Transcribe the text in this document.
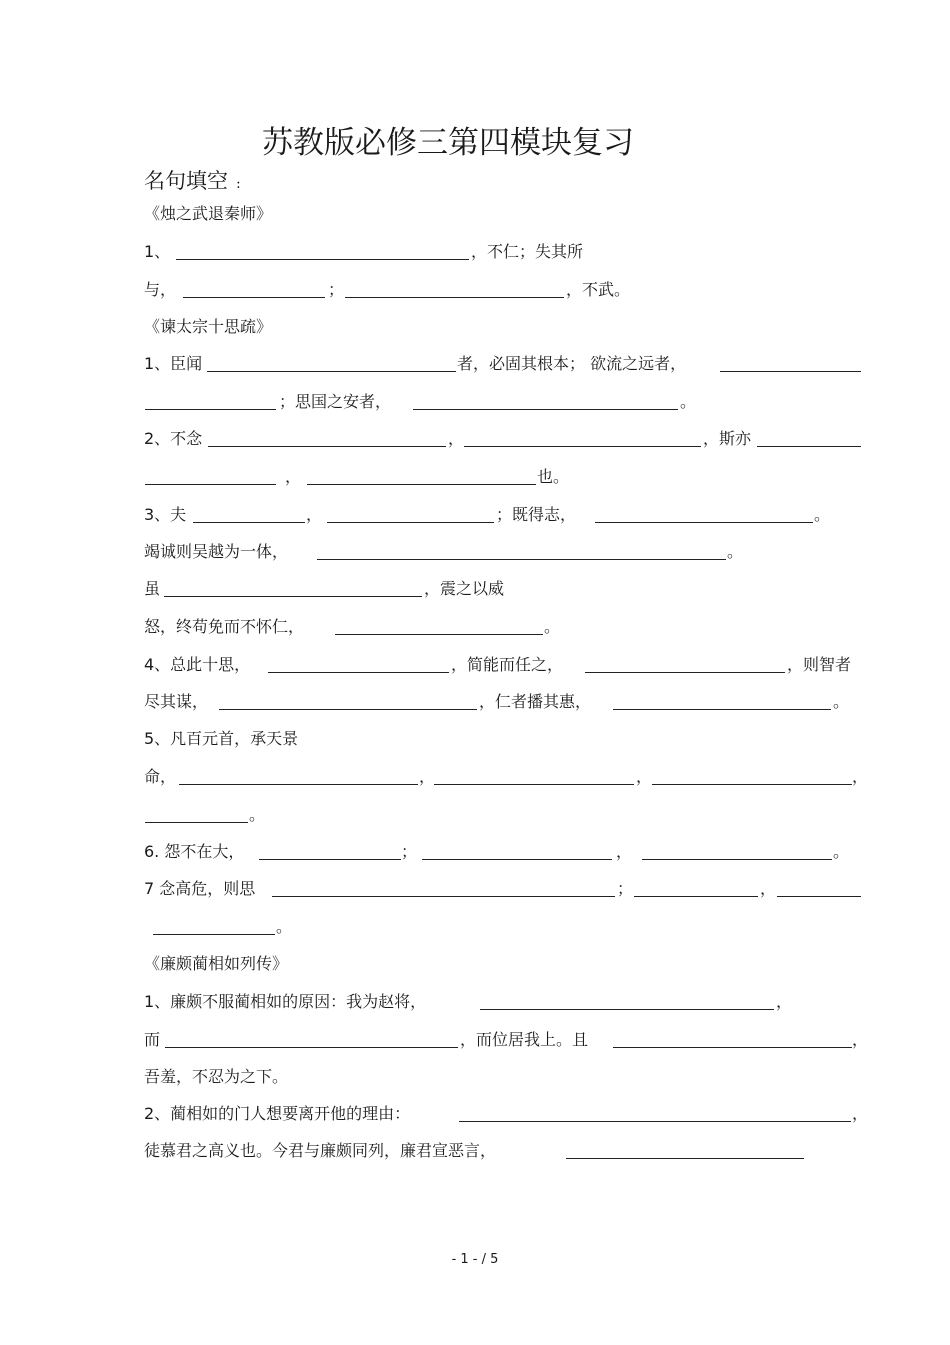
苏教版必修三第四模块复习
名句填空 :
《烛之武退秦师》
1、	，不仁；失其所
与，	；	，不武。
《谏太宗十思疏》
1、臣闻	者，必固其根本； 欲流之远者，
；思国之安者，	。
2、不念	，	，斯亦
，	也。
3、夫	，	；既得志，	。
竭诚则吴越为一体，	。
虽	，震之以威
怒，终苟免而不怀仁，	。
4、总此十思，	，简能而任之，	，则智者
尽其谋，	，仁者播其惠，	。
5、凡百元首，承天景
命，	，	，	，
。
6. 怨不在大，	；	，	。
7 念高危，则思	；	，
。
《廉颇蔺相如列传》
1、廉颇不服蔺相如的原因：我为赵将，	，
而	，而位居我上。且	，
吾羞，不忍为之下。
2、蔺相如的门人想要离开他的理由：	，
徒慕君之高义也。今君与廉颇同列，廉君宣恶言，
- 1 - / 5
